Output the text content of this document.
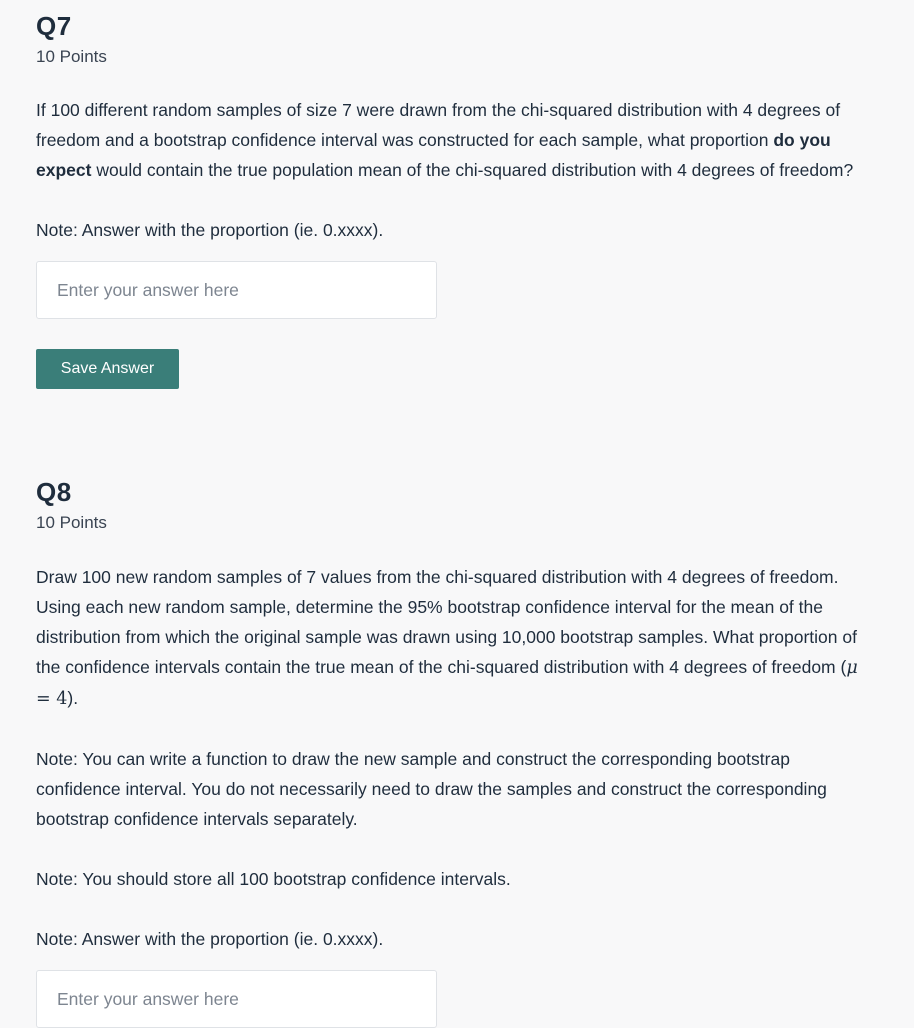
Q7
10 Points

If 100 different random samples of size 7 were drawn from the chi-squared distribution with 4 degrees of freedom and a bootstrap confidence interval was constructed for each sample, what proportion do you expect would contain the true population mean of the chi-squared distribution with 4 degrees of freedom?

Note: Answer with the proportion (ie. 0.xxxx).

Enter your answer here
Save Answer
Q8
10 Points

Draw 100 new random samples of 7 values from the chi-squared distribution with 4 degrees of freedom. Using each new random sample, determine the 95% bootstrap confidence interval for the mean of the distribution from which the original sample was drawn using 10,000 bootstrap samples. What proportion of the confidence intervals contain the true mean of the chi-squared distribution with 4 degrees of freedom (μ = 4).

Note: You can write a function to draw the new sample and construct the corresponding bootstrap confidence interval. You do not necessarily need to draw the samples and construct the corresponding bootstrap confidence intervals separately.

Note: You should store all 100 bootstrap confidence intervals.

Note: Answer with the proportion (ie. 0.xxxx).

Enter your answer here
